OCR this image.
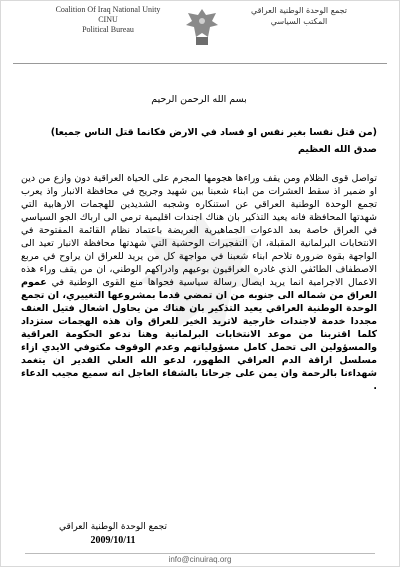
Coalition Of Iraq National Unity
CINU
Political Bureau
تجمع الوحدة الوطنية العراقي
المكتب السياسي
بسم الله الرحمن الرحيم
(من قتل نفسا بغير نفس او فساد في الارض فكانما قتل الناس جميعا)
صدق الله العظيم
تواصل قوى الظلام ومن يقف وراءها هجومها المجرم على الحياة العراقية دون وازع من دين او ضمير اذ سقط العشرات من ابناء شعبنا بين شهيد وجريح في محافظة الانبار واذ يعرب تجمع الوحدة الوطنية العراقي عن استنكاره وشجبه الشديدين للهجمات الارهابية التي شهدتها المحافظة فانه يعيد التذكير بان هناك اجندات اقليمية ترمي الى ارباك الجو السياسي في العراق خاصة بعد الدعوات الجماهيرية العريضة باعتماد نظام القائمة المفتوحة في الانتخابات البرلمانية المقبلة، ان التفجيرات الوحشية التي شهدتها محافظة الانبار تعيد الى الواجهة بقوة ضرورة تلاحم ابناء شعبنا في مواجهة كل من يريد للعراق ان يراوح في مربع الاصطفاف الطائفي الذي غادره العراقيون بوعيهم وادراكهم الوطني، ان من يقف وراء هذه الاعمال الاجرامية انما يريد ايصال رسالة سياسية فحواها منع القوى الوطنية في عموم العراق من شماله الى جنوبه من ان تمضي قدما بمشروعها التغييري، ان تجمع الوحدة الوطنية العراقي يعيد التذكير بان هناك من يحاول اشعال فتيل العنف مجددا خدمة لاجندات خارجية لاتريد الخير للعراق وان هذه الهجمات ستزداد كلما اقتربنا من موعد الانتخابات البرلمانية وهنا ندعو الحكومة العراقية والمسؤولين الى تحمل كامل مسؤولياتهم وعدم الوقوف مكتوفي الايدي ازاء مسلسل اراقة الدم العراقي الطهور، لدعو الله العلي القدير ان يتغمد شهداءنا بالرحمة وان يمن على جرحانا بالشفاء العاجل انه سميع مجيب الدعاء .
تجمع الوحدة الوطنية العراقي
2009/10/11
info@cinuiraq.org
